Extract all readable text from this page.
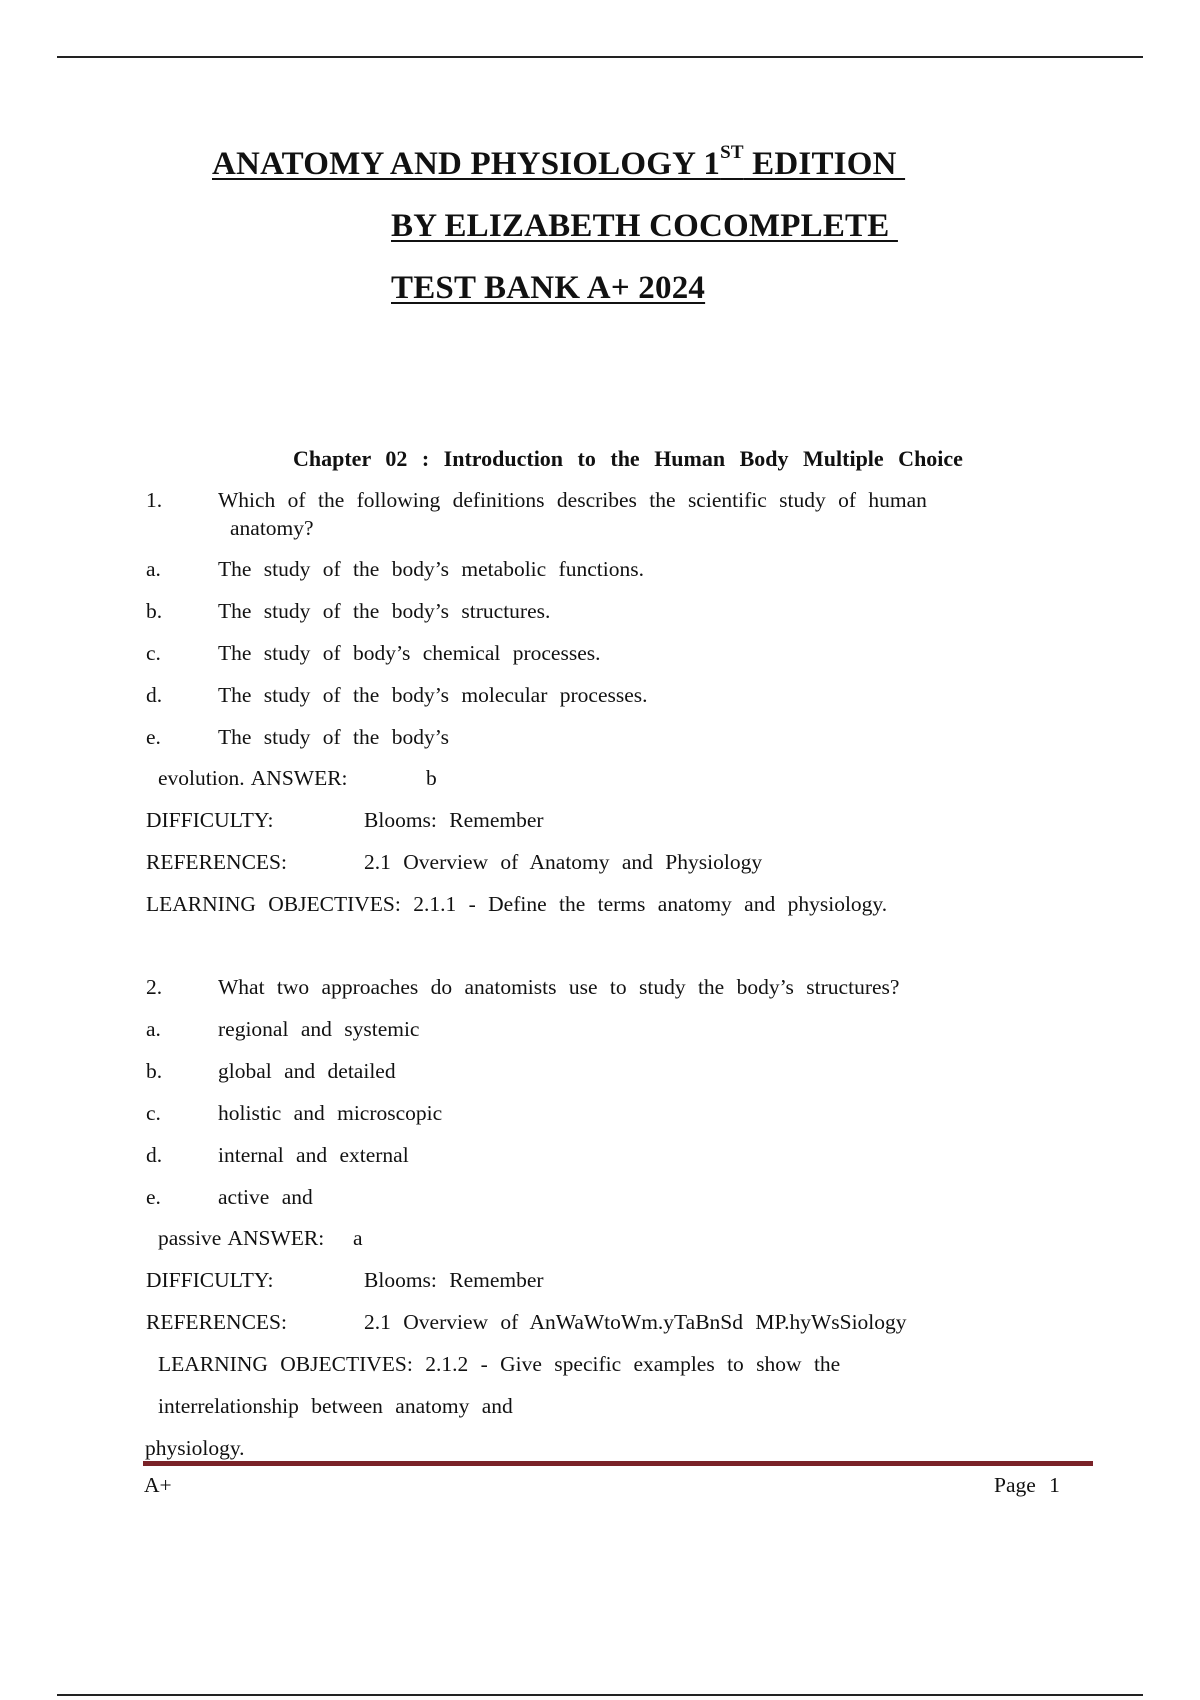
ANATOMY AND PHYSIOLOGY 1ST EDITION
BY ELIZABETH COCOMPLETE
TEST BANK A+ 2024
Chapter 02 : Introduction to the Human Body Multiple Choice
1.	Which of the following definitions describes the scientific study of human
anatomy?
a.	The study of the body’s metabolic functions.
b.	The study of the body’s structures.
c.	The study of body’s chemical processes.
d.	The study of the body’s molecular processes.
e.	The study of the body’s
evolution. ANSWER:	b
DIFFICULTY:	Blooms: Remember
REFERENCES:	2.1 Overview of Anatomy and Physiology
LEARNING OBJECTIVES: 2.1.1 - Define the terms anatomy and physiology.
2.	What two approaches do anatomists use to study the body’s structures?
a.	regional and systemic
b.	global and detailed
c.	holistic and microscopic
d.	internal and external
e.	active and
passive ANSWER: a
DIFFICULTY:	Blooms: Remember
REFERENCES:	2.1 Overview of AnWaWtoWm.yTaBnSd MP.hyWsSiology
LEARNING OBJECTIVES: 2.1.2 - Give specific examples to show the
interrelationship between anatomy and
physiology.
A+	Page 1
